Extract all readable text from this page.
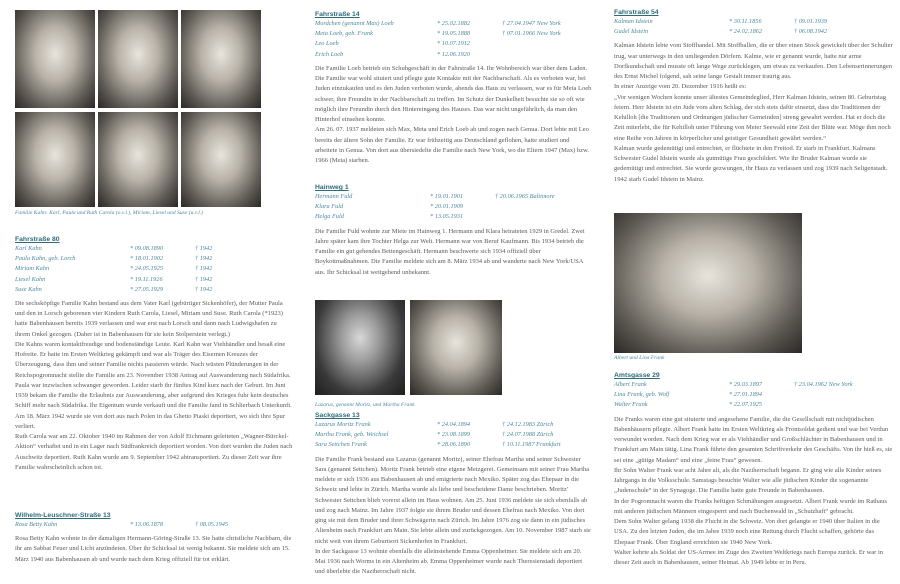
Familie Kahn: Karl, Paula und Ruth Carola (o.v.l.), Miriam, Liesel und Suse (u.v.l.)
Fahrstraße 80
Karl Kahn	* 09.08.1890	† 1942
Paula Kahn, geb. Lorch	* 18.01.1902	† 1942
Miriam Kahn	* 24.05.1925	† 1942
Liesel Kahn	* 19.11.1926	† 1942
Suse Kahn	* 27.05.1929	† 1942

Die sechsköpfige Familie Kahn bestand aus dem Vater Karl (gebürtiger Sickenhöfer), der Mutter Paula und den in Lorsch geborenen vier Kindern Ruth Carola, Liesel, Miriam und Suse. Ruth Carola (*1923) hatte Babenhausen bereits 1939 verlassen und war erst nach Lorsch und dann nach Ludwigshafen zu ihrem Onkel gezogen. (Daher ist in Babenhausen für sie kein Stolperstein verlegt.)

Die Kahns waren kontaktfreudige und bodenständige Leute. Karl Kahn war Viehhändler und besaß eine Hofreite. Er hatte im Ersten Weltkrieg gekämpft und war als Träger des Eisernen Kreuzes der Überzeugung, dass ihm und seiner Familie nichts passieren würde. Nach wüsten Plünderungen in der Reichspogromnacht stellte die Familie am 23. November 1938 Antrag auf Auswanderung nach Südafrika. Paula war inzwischen schwanger geworden. Leider starb ihr fünftes Kind kurz nach der Geburt. Im Juni 1939 bekam die Familie die Erlaubnis zur Auswanderung, aber aufgrund des Krieges fuhr kein deutsches Schiff mehr nach Südafrika. Ihr Eigentum wurde verkauft und die Familie fand in Schlierbach Unterkunft. Am 18. März 1942 wurde sie von dort aus nach Polen in das Ghetto Piaski deportiert, wo sich ihre Spur verliert.

Ruth Carola war am 22. Oktober 1940 im Rahmen der von Adolf Eichmann geleiteten „Wagner-Bürckel-Aktion“ verhaftet und in ein Lager nach Südfrankreich deportiert worden. Von dort wurden die Juden nach Auschwitz deportiert. Ruth Kahn wurde am 9. September 1942 abtransportiert. Zu dieser Zeit war ihre Familie wahrscheinlich schon tot.

Wilhelm-Leuschner-Straße 13
Rosa Betty Kahn	* 13.06.1878	† 08.05.1945

Rosa Betty Kahn wohnte in der damaligen Hermann-Göring-Straße 13. Sie hatte christliche Nachbarn, die ihr am Sabbat Feuer und Licht anzündeten. Über ihr Schicksal ist wenig bekannt. Sie meldete sich am 15. März 1940 aus Babenhausen ab und wurde nach dem Krieg offiziell für tot erklärt.

Fahrstraße 14
Mordchen (genannt Max) Loeb	* 25.02.1882	† 27.04.1947 New York
Meta Loeb, geb. Frank	* 19.05.1888	† 07.01.1966 New York
Leo Loeb	* 10.07.1912
Erich Loeb	* 12.06.1920

Die Familie Loeb betrieb ein Schuhgeschäft in der Fahrstraße 14. Ihr Wohnbereich war über dem Laden. Die Familie war wohl situiert und pflegte gute Kontakte mit der Nachbarschaft. Als es verboten war, bei Juden einzukaufen und es den Juden verboten wurde, abends das Haus zu verlassen, war es für Meta Loeb schwer, ihre Freundin in der Nachbarschaft zu treffen. Im Schutz der Dunkelheit besuchte sie so oft wie möglich ihre Freundin durch den Hintereingang des Hauses. Das war nicht ungefährlich, da man den Hinterhof einsehen konnte.

Am 26. 07. 1937 meldeten sich Max, Meta und Erich Loeb ab und zogen nach Genua. Dort lebte mit Leo bereits der ältere Sohn der Familie. Er war frühzeitig aus Deutschland geflohen, hatte studiert und arbeitete in Genua. Von dort aus übersiedelte die Familie nach New York, wo die Eltern 1947 (Max) bzw. 1966 (Meta) starben.

Hainweg 1
Hermann Fuld	* 19.01.1901	† 20.06.1965 Baltimore
Klara Fuld	* 20.01.1909
Helga Fuld	* 13.05.1931

Die Familie Fuld wohnte zur Miete im Hainweg 1. Hermann und Klara heirateten 1929 in Gredel. Zwei Jahre später kam ihre Tochter Helga zur Welt. Hermann war von Beruf Kaufmann. Bis 1934 betrieb die Familie ein gut gehendes Bettengeschäft. Hermann beschwerte sich 1934 offiziell über Boykottmaßnahmen. Die Familie meldete sich am 8. März 1934 ab und wanderte nach New York/USA aus. Ihr Schicksal ist weitgehend unbekannt.

Lazarus, genannt Moritz, und Martha Frank
Sackgasse 13
Lazarus Moritz Frank	* 24.04.1894	† 24.12.1983 Zürich
Martha Frank, geb. Weichsel	* 23.08.1899	† 24.07.1988 Zürich
Sara Settchen Frank	* 28.06.1890	† 10.11.1987 Frankfurt

Die Familie Frank bestand aus Lazarus (genannt Moritz), seiner Ehefrau Martha und seiner Schwester Sara (genannt Settchen). Moritz Frank betrieb eine eigene Metzgerei. Gemeinsam mit seiner Frau Martha meldete er sich 1936 aus Babenhausen ab und emigrierte nach Mexiko. Später zog das Ehepaar in die Schweiz und lebte in Zürich. Martha wurde als liebe und bescheidene Dame beschrieben. Moritz' Schwester Settchen blieb vorerst allein im Haus wohnen. Am 25. Juni 1936 meldete sie sich ebenfalls ab und zog nach Mainz. Im Jahre 1937 folgte sie ihrem Bruder und dessen Ehefrau nach Mexiko. Von dort ging sie mit dem Bruder und ihrer Schwägerin nach Zürich. Im Jahre 1976 zog sie dann in ein jüdisches Altenheim nach Frankfurt am Main. Sie lebte allein und zurückgezogen. Am 10. November 1987 starb sie nicht weit von ihrem Geburtsort Sickenhofen in Frankfurt.

In der Sackgasse 13 wohnte ebenfalls die alleinstehende Emma Oppenheimer. Sie meldete sich am 20. Mai 1936 nach Worms in ein Altenheim ab. Emma Oppenheimer wurde nach Theresienstadt deportiert und überlebte die Naziherrschaft nicht.

Fahrstraße 54
Kalman Idstein	* 30.11.1856	† 09.01.1939
Gudel Idstein	* 24.02.1862	† 06.08.1942

Kalman Idstein lebte vom Stoffhandel. Mit Stoffballen, die er über einen Stock gewickelt über der Schulter trug, war unterwegs in den umliegenden Dörfern. Kalme, wie er genannt wurde, hatte nur arme Dorfkundschaft und musste oft lange Wege zurücklegen, um etwas zu verkaufen. Den Lebenserinnerungen des Ernst Michel folgend, sah seine lange Gestalt immer traurig aus.

In einer Anzeige vom 20. Dezember 1916 heißt es:

„Vor wenigen Wochen konnte unser ältestes Gemeindeglied, Herr Kalman Idstein, seinen 80. Geburtstag feiern. Herr Idstein ist ein Jude vom alten Schlag, der sich stets dafür einsetzt, dass die Traditionen der Kehilloh [die Traditionen und Ordnungen jüdischer Gemeinden] streng gewahrt werden. Hat er doch die Zeit miterlebt, die für Kehilloh unter Führung von Meier Seewald eine Zeit der Blüte war. Möge ihm noch eine Reihe von Jahren in körperlicher und geistiger Gesundheit gewährt werden.“

Kalman wurde gedemütigt und entrechtet, er flüchtete in den Freitod. Er starb in Frankfurt. Kalmans Schwester Gudel Idstein wurde als gutmütige Frau geschildert. Wie ihr Bruder Kalman wurde sie gedemütigt und entrechtet. Sie wurde gezwungen, ihr Haus zu verlassen und zog 1939 nach Seligenstadt. 1942 starb Gudel Idstein in Mainz.

Albert und Lina Frank
Amtsgasse 29
Albert Frank	* 29.03.1897	† 23.04.1962 New York
Lina Frank, geb. Wolf	* 27.01.1894
Walter Frank	* 22.07.1925

Die Franks waren eine gut situierte und angesehene Familie, die die Gesellschaft mit nichtjüdischen Babenhäusern pflegte. Albert Frank hatte im Ersten Weltkrieg als Frontsoldat gedient und war bei Verdun verwundet worden. Nach dem Krieg war er als Viehhändler und Großschlächter in Babenhausen und in Frankfurt am Main tätig. Lina Frank führte den gesamten Schriftverkehr des Geschäfts. Von ihr hieß es, sie sei eine „gütige Madam“ und eine „feine Frau“ gewesen.

Ihr Sohn Walter Frank war acht Jahre alt, als die Naziherrschaft begann. Er ging wie alle Kinder seines Jahrgangs in die Volksschule. Samstags besuchte Walter wie alle jüdischen Kinder die sogenannte „Judenschule“ in der Synagoge. Die Familie hatte gute Freunde in Babenhausen.

In der Pogromnacht waren die Franks heftigen Schmähungen ausgesetzt. Albert Frank wurde im Rathaus mit anderen jüdischen Männern eingesperrt und nach Buchenwald in „Schutzhaft“ gebracht.

Dem Sohn Walter gelang 1938 die Flucht in die Schweiz. Von dort gelangte er 1940 über Italien in die USA. Zu den letzten Juden, die im Jahre 1939 noch eine Rettung durch Flucht schaffen, gehörte das Ehepaar Frank. Über England erreichten sie 1940 New York.

Walter kehrte als Soldat der US-Armee im Zuge des Zweiten Weltkriegs nach Europa zurück. Er war in dieser Zeit auch in Babenhausen, seiner Heimat. Ab 1949 lebte er in Peru.
